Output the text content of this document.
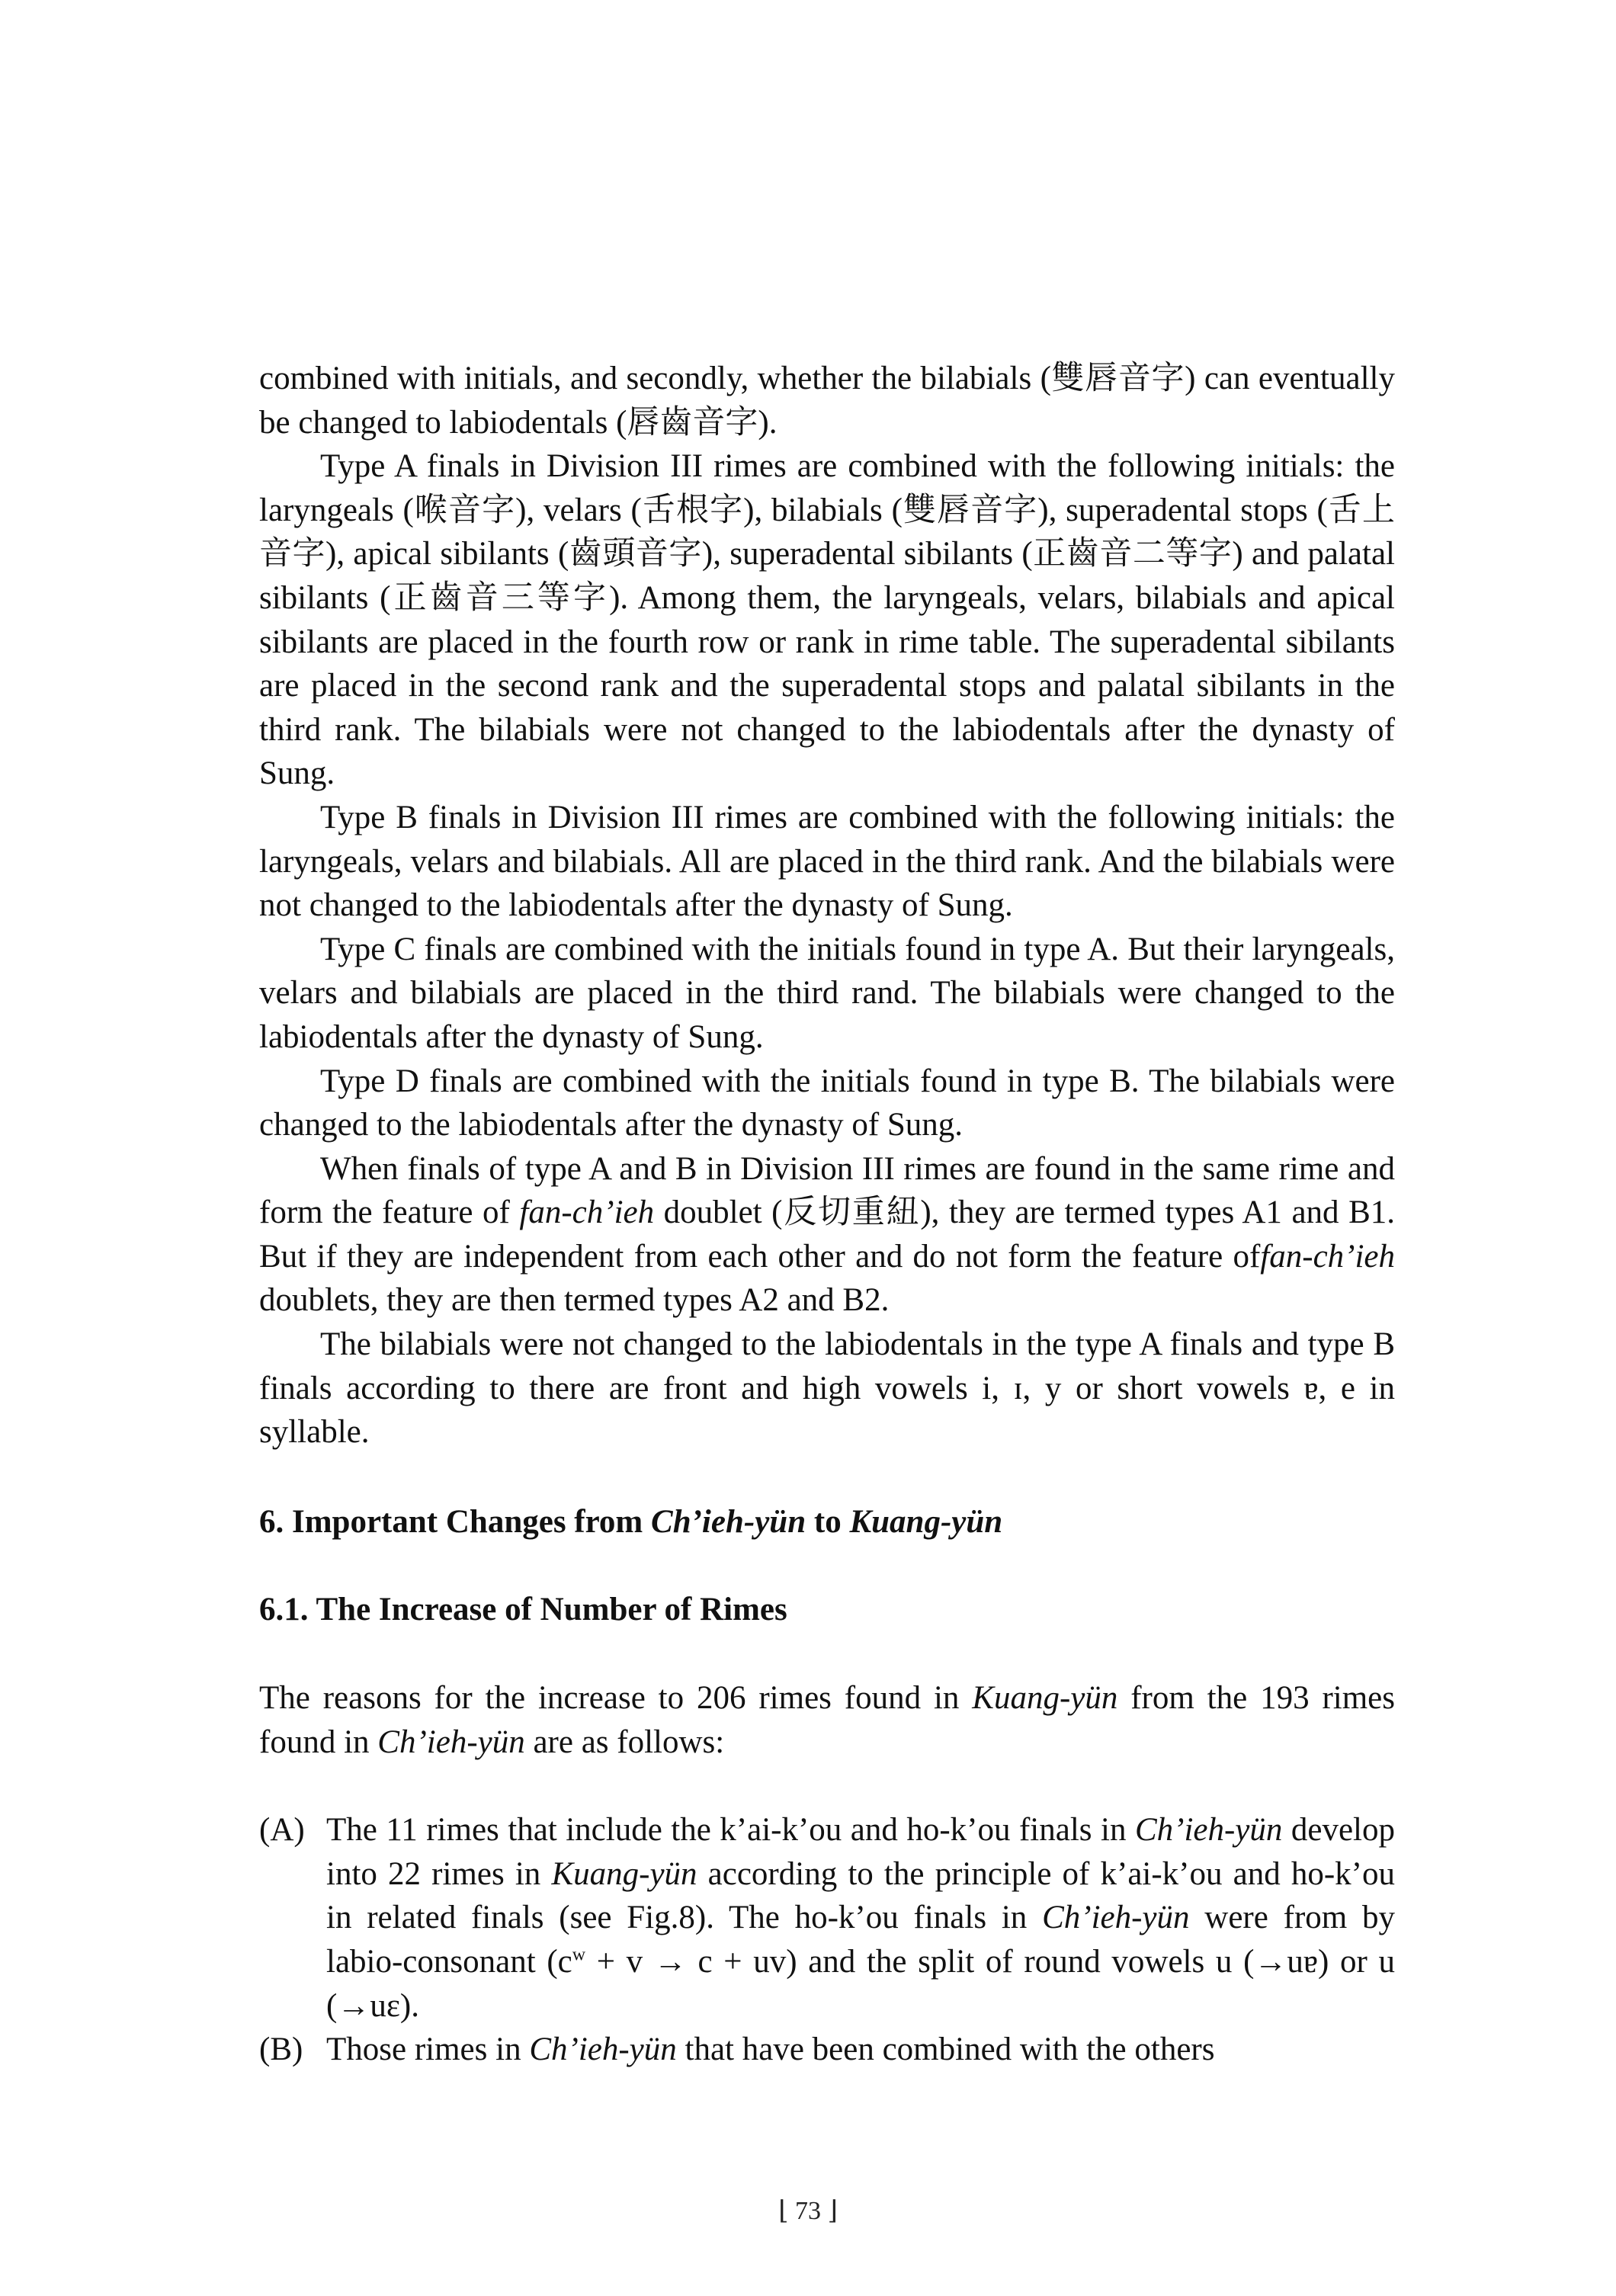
combined with initials, and secondly, whether the bilabials (雙唇音字) can eventually be changed to labiodentals (唇齒音字).

Type A finals in Division III rimes are combined with the following initials: the laryngeals (喉音字), velars (舌根字), bilabials (雙唇音字), superadental stops (舌上音字), apical sibilants (齒頭音字), superadental sibilants (正齒音二等字) and palatal sibilants (正齒音三等字). Among them, the laryngeals, velars, bilabials and apical sibilants are placed in the fourth row or rank in rime table. The superadental sibilants are placed in the second rank and the superadental stops and palatal sibilants in the third rank. The bilabials were not changed to the labiodentals after the dynasty of Sung.

Type B finals in Division III rimes are combined with the following initials: the laryngeals, velars and bilabials. All are placed in the third rank. And the bilabials were not changed to the labiodentals after the dynasty of Sung.

Type C finals are combined with the initials found in type A. But their laryngeals, velars and bilabials are placed in the third rand. The bilabials were changed to the labiodentals after the dynasty of Sung.

Type D finals are combined with the initials found in type B. The bilabials were changed to the labiodentals after the dynasty of Sung.

When finals of type A and B in Division III rimes are found in the same rime and form the feature of fan-ch’ieh doublet (反切重紐), they are termed types A1 and B1. But if they are independent from each other and do not form the feature offan-ch’ieh doublets, they are then termed types A2 and B2.

The bilabials were not changed to the labiodentals in the type A finals and type B finals according to there are front and high vowels i, ɪ, y or short vowels ɐ, e in syllable.

6. Important Changes from Ch’ieh-yün to Kuang-yün
6.1. The Increase of Number of Rimes

The reasons for the increase to 206 rimes found in Kuang-yün from the 193 rimes found in Ch’ieh-yün are as follows:

(A) The 11 rimes that include the k’ai-k’ou and ho-k’ou finals in Ch’ieh-yün develop into 22 rimes in Kuang-yün according to the principle of k’ai-k’ou and ho-k’ou in related finals (see Fig.8). The ho-k’ou finals in Ch’ieh-yün were from by labio-consonant $(c^w + v \to c + uv)$ and the split of round vowels u (→uɐ) or u (→uɛ).

(B) Those rimes in Ch’ieh-yün that have been combined with the others

⌊ 73 ⌋
